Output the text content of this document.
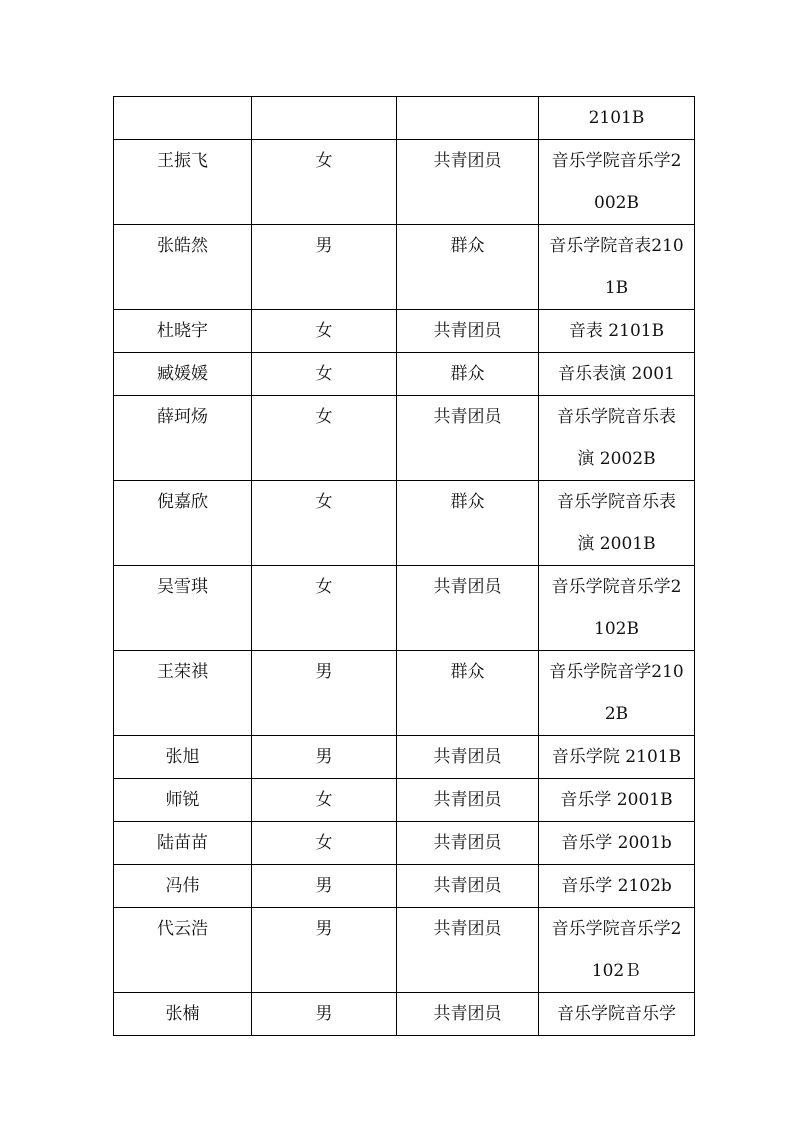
			2101B

王振飞	女	共青团员	音乐学院音乐学2002B

张皓然	男	群众	音乐学院音表2101B

杜晓宇	女	共青团员	音表 2101B

臧媛媛	女	群众	音乐表演 2001

薛珂炀	女	共青团员	音乐学院音乐表演 2002B

倪嘉欣	女	群众	音乐学院音乐表演 2001B

吴雪琪	女	共青团员	音乐学院音乐学2102B

王荣祺	男	群众	音乐学院音学2102B

张旭	男	共青团员	音乐学院 2101B

师锐	女	共青团员	音乐学 2001B

陆苗苗	女	共青团员	音乐学 2001b

冯伟	男	共青团员	音乐学 2102b

代云浩	男	共青团员	音乐学院音乐学2102Ｂ

张楠	男	共青团员	音乐学院音乐学
